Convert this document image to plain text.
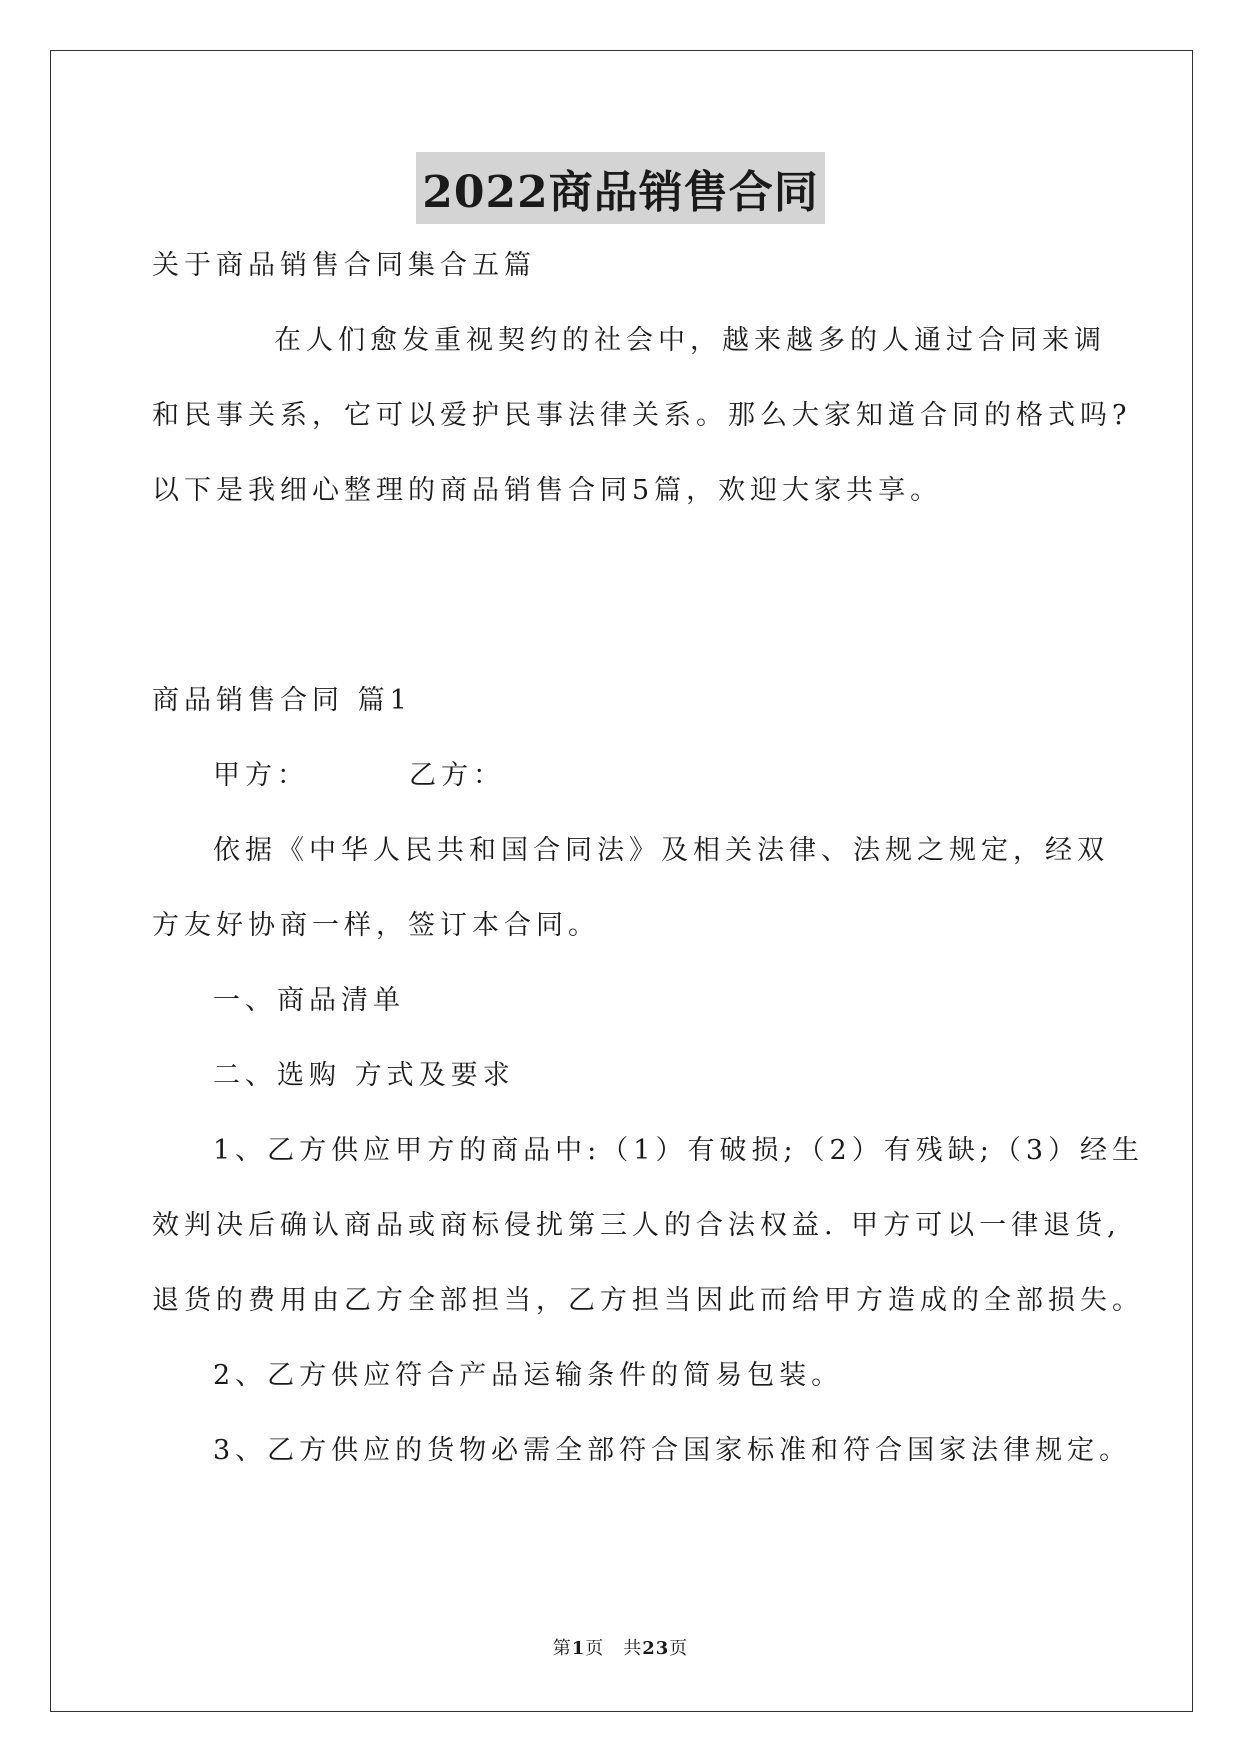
2022商品销售合同
关于商品销售合同集合五篇
在人们愈发重视契约的社会中，越来越多的人通过合同来调
和民事关系，它可以爱护民事法律关系。那么大家知道合同的格式吗?
以下是我细心整理的商品销售合同5篇，欢迎大家共享。
商品销售合同 篇1
甲方：	乙方：
依据《中华人民共和国合同法》及相关法律、法规之规定，经双
方友好协商一样，签订本合同。
一、商品清单
二、选购 方式及要求
1、乙方供应甲方的商品中:（1）有破损;（2）有残缺;（3）经生
效判决后确认商品或商标侵扰第三人的合法权益. 甲方可以一律退货,
退货的费用由乙方全部担当，乙方担当因此而给甲方造成的全部损失。
2、乙方供应符合产品运输条件的简易包装。
3、乙方供应的货物必需全部符合国家标准和符合国家法律规定。
第1页　共23页
